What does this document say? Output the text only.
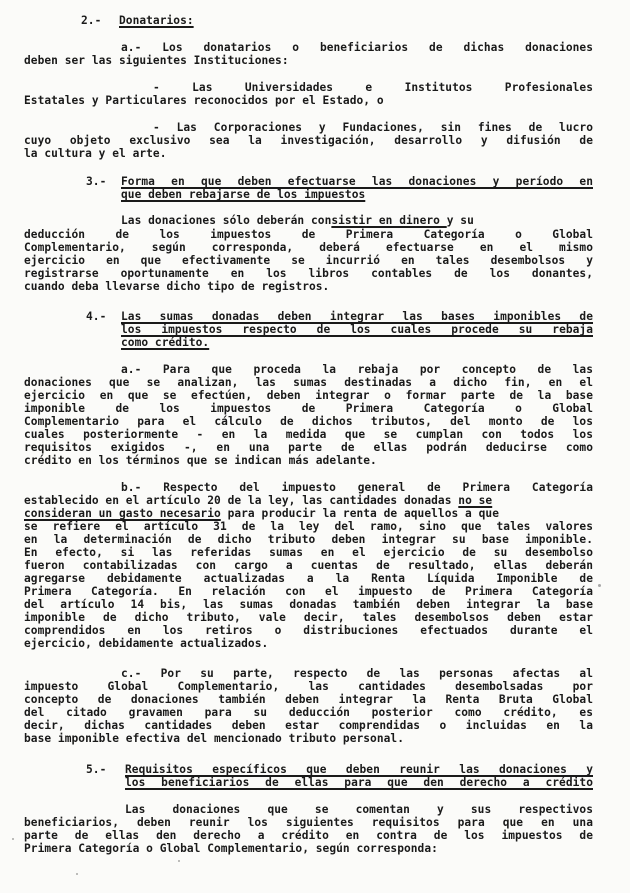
2.- Donatarios:
a.- Los donatarios o beneficiarios de dichas donaciones
deben ser las siguientes Instituciones:
- Las Universidades e Institutos Profesionales
Estatales y Particulares reconocidos por el Estado, o
- Las Corporaciones y Fundaciones, sin fines de lucro
cuyo objeto exclusivo sea la investigación, desarrollo y difusión de
la cultura y el arte.
3.- Forma en que deben efectuarse las donaciones y período en
que deben rebajarse de los impuestos
Las donaciones sólo deberán consistir en dinero y su
deducción de los impuestos de Primera Categoría o Global
Complementario, según corresponda, deberá efectuarse en el mismo
ejercicio en que efectivamente se incurrió en tales desembolsos y
registrarse oportunamente en los libros contables de los donantes,
cuando deba llevarse dicho tipo de registros.
4.- Las sumas donadas deben integrar las bases imponibles de
los impuestos respecto de los cuales procede su rebaja
como crédito.
a.- Para que proceda la rebaja por concepto de las
donaciones que se analizan, las sumas destinadas a dicho fin, en el
ejercicio en que se efectúen, deben integrar o formar parte de la base
imponible de los impuestos de Primera Categoría o Global
Complementario para el cálculo de dichos tributos, del monto de los
cuales posteriormente - en la medida que se cumplan con todos los
requisitos exigidos -, en una parte de ellas podrán deducirse como
crédito en los términos que se indican más adelante.
b.- Respecto del impuesto general de Primera Categoría
establecido en el artículo 20 de la ley, las cantidades donadas no se
consideran un gasto necesario para producir la renta de aquellos a que
se refiere el artículo 31 de la ley del ramo, sino que tales valores
en la determinación de dicho tributo deben integrar su base imponible.
En efecto, si las referidas sumas en el ejercicio de su desembolso
fueron contabilizadas con cargo a cuentas de resultado, ellas deberán
agregarse debidamente actualizadas a la Renta Líquida Imponible de
Primera Categoría. En relación con el impuesto de Primera Categoría
del artículo 14 bis, las sumas donadas también deben integrar la base
imponible de dicho tributo, vale decir, tales desembolsos deben estar
comprendidos en los retiros o distribuciones efectuados durante el
ejercicio, debidamente actualizados.
c.- Por su parte, respecto de las personas afectas al
impuesto Global Complementario, las cantidades desembolsadas por
concepto de donaciones también deben integrar la Renta Bruta Global
del citado gravamen para su deducción posterior como crédito, es
decir, dichas cantidades deben estar comprendidas o incluidas en la
base imponible efectiva del mencionado tributo personal.
5.- Requisitos específicos que deben reunir las donaciones y
los beneficiarios de ellas para que den derecho a crédito
Las donaciones que se comentan y sus respectivos
beneficiarios, deben reunir los siguientes requisitos para que en una
parte de ellas den derecho a crédito en contra de los impuestos de
Primera Categoría o Global Complementario, según corresponda:
